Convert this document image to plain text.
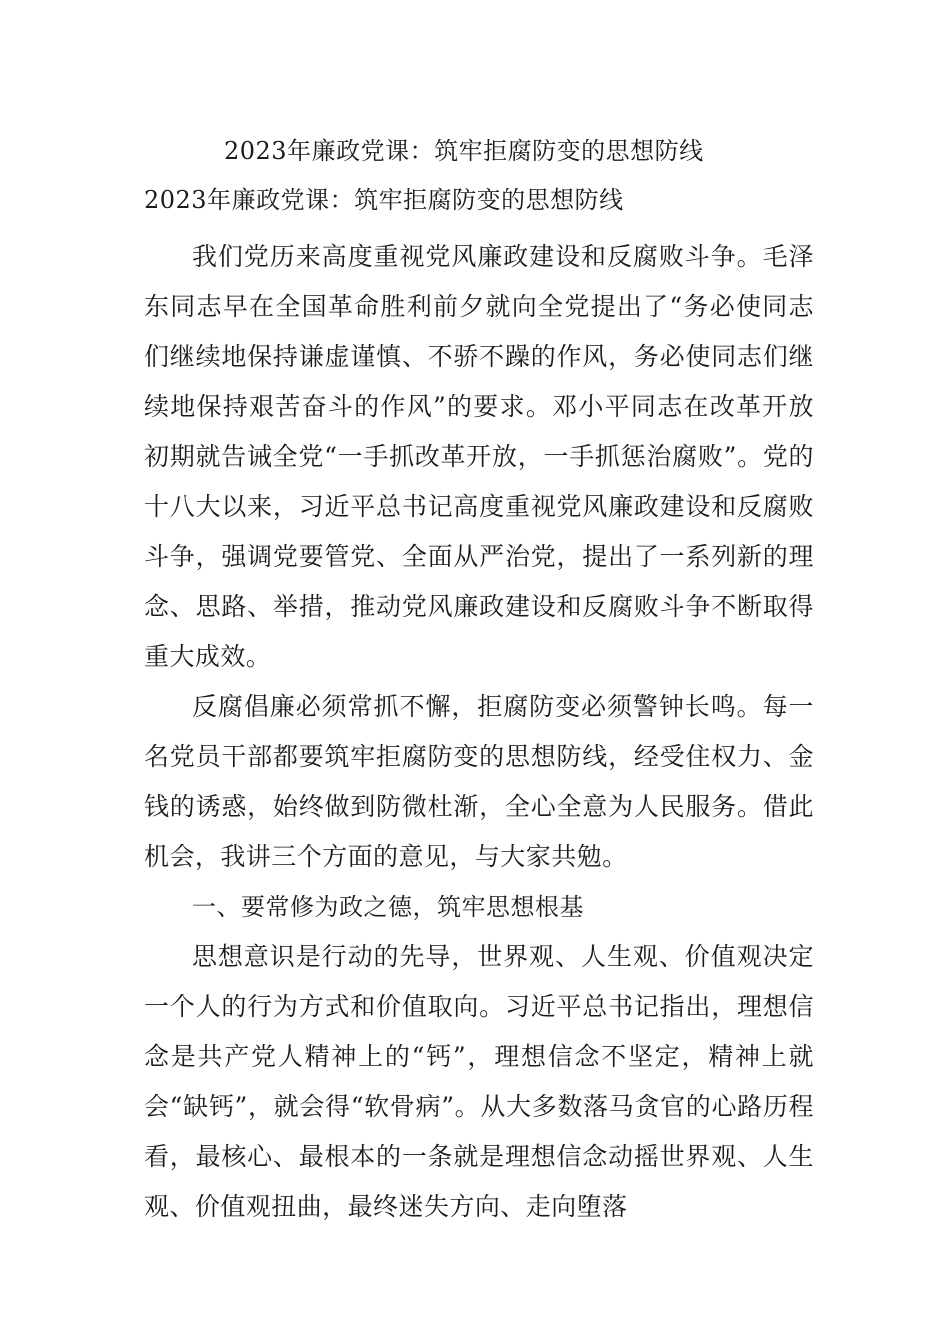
2023年廉政党课：筑牢拒腐防变的思想防线
2023年廉政党课：筑牢拒腐防变的思想防线

我们党历来高度重视党风廉政建设和反腐败斗争。毛泽东同志早在全国革命胜利前夕就向全党提出了“务必使同志们继续地保持谦虚谨慎、不骄不躁的作风，务必使同志们继续地保持艰苦奋斗的作风”的要求。邓小平同志在改革开放初期就告诫全党“一手抓改革开放，一手抓惩治腐败”。党的十八大以来，习近平总书记高度重视党风廉政建设和反腐败斗争，强调党要管党、全面从严治党，提出了一系列新的理念、思路、举措，推动党风廉政建设和反腐败斗争不断取得重大成效。

反腐倡廉必须常抓不懈，拒腐防变必须警钟长鸣。每一名党员干部都要筑牢拒腐防变的思想防线，经受住权力、金钱的诱惑，始终做到防微杜渐，全心全意为人民服务。借此机会，我讲三个方面的意见，与大家共勉。

一、要常修为政之德，筑牢思想根基

思想意识是行动的先导，世界观、人生观、价值观决定一个人的行为方式和价值取向。习近平总书记指出，理想信念是共产党人精神上的“钙”，理想信念不坚定，精神上就会“缺钙”，就会得“软骨病”。从大多数落马贪官的心路历程看，最核心、最根本的一条就是理想信念动摇世界观、人生观、价值观扭曲，最终迷失方向、走向堕落
